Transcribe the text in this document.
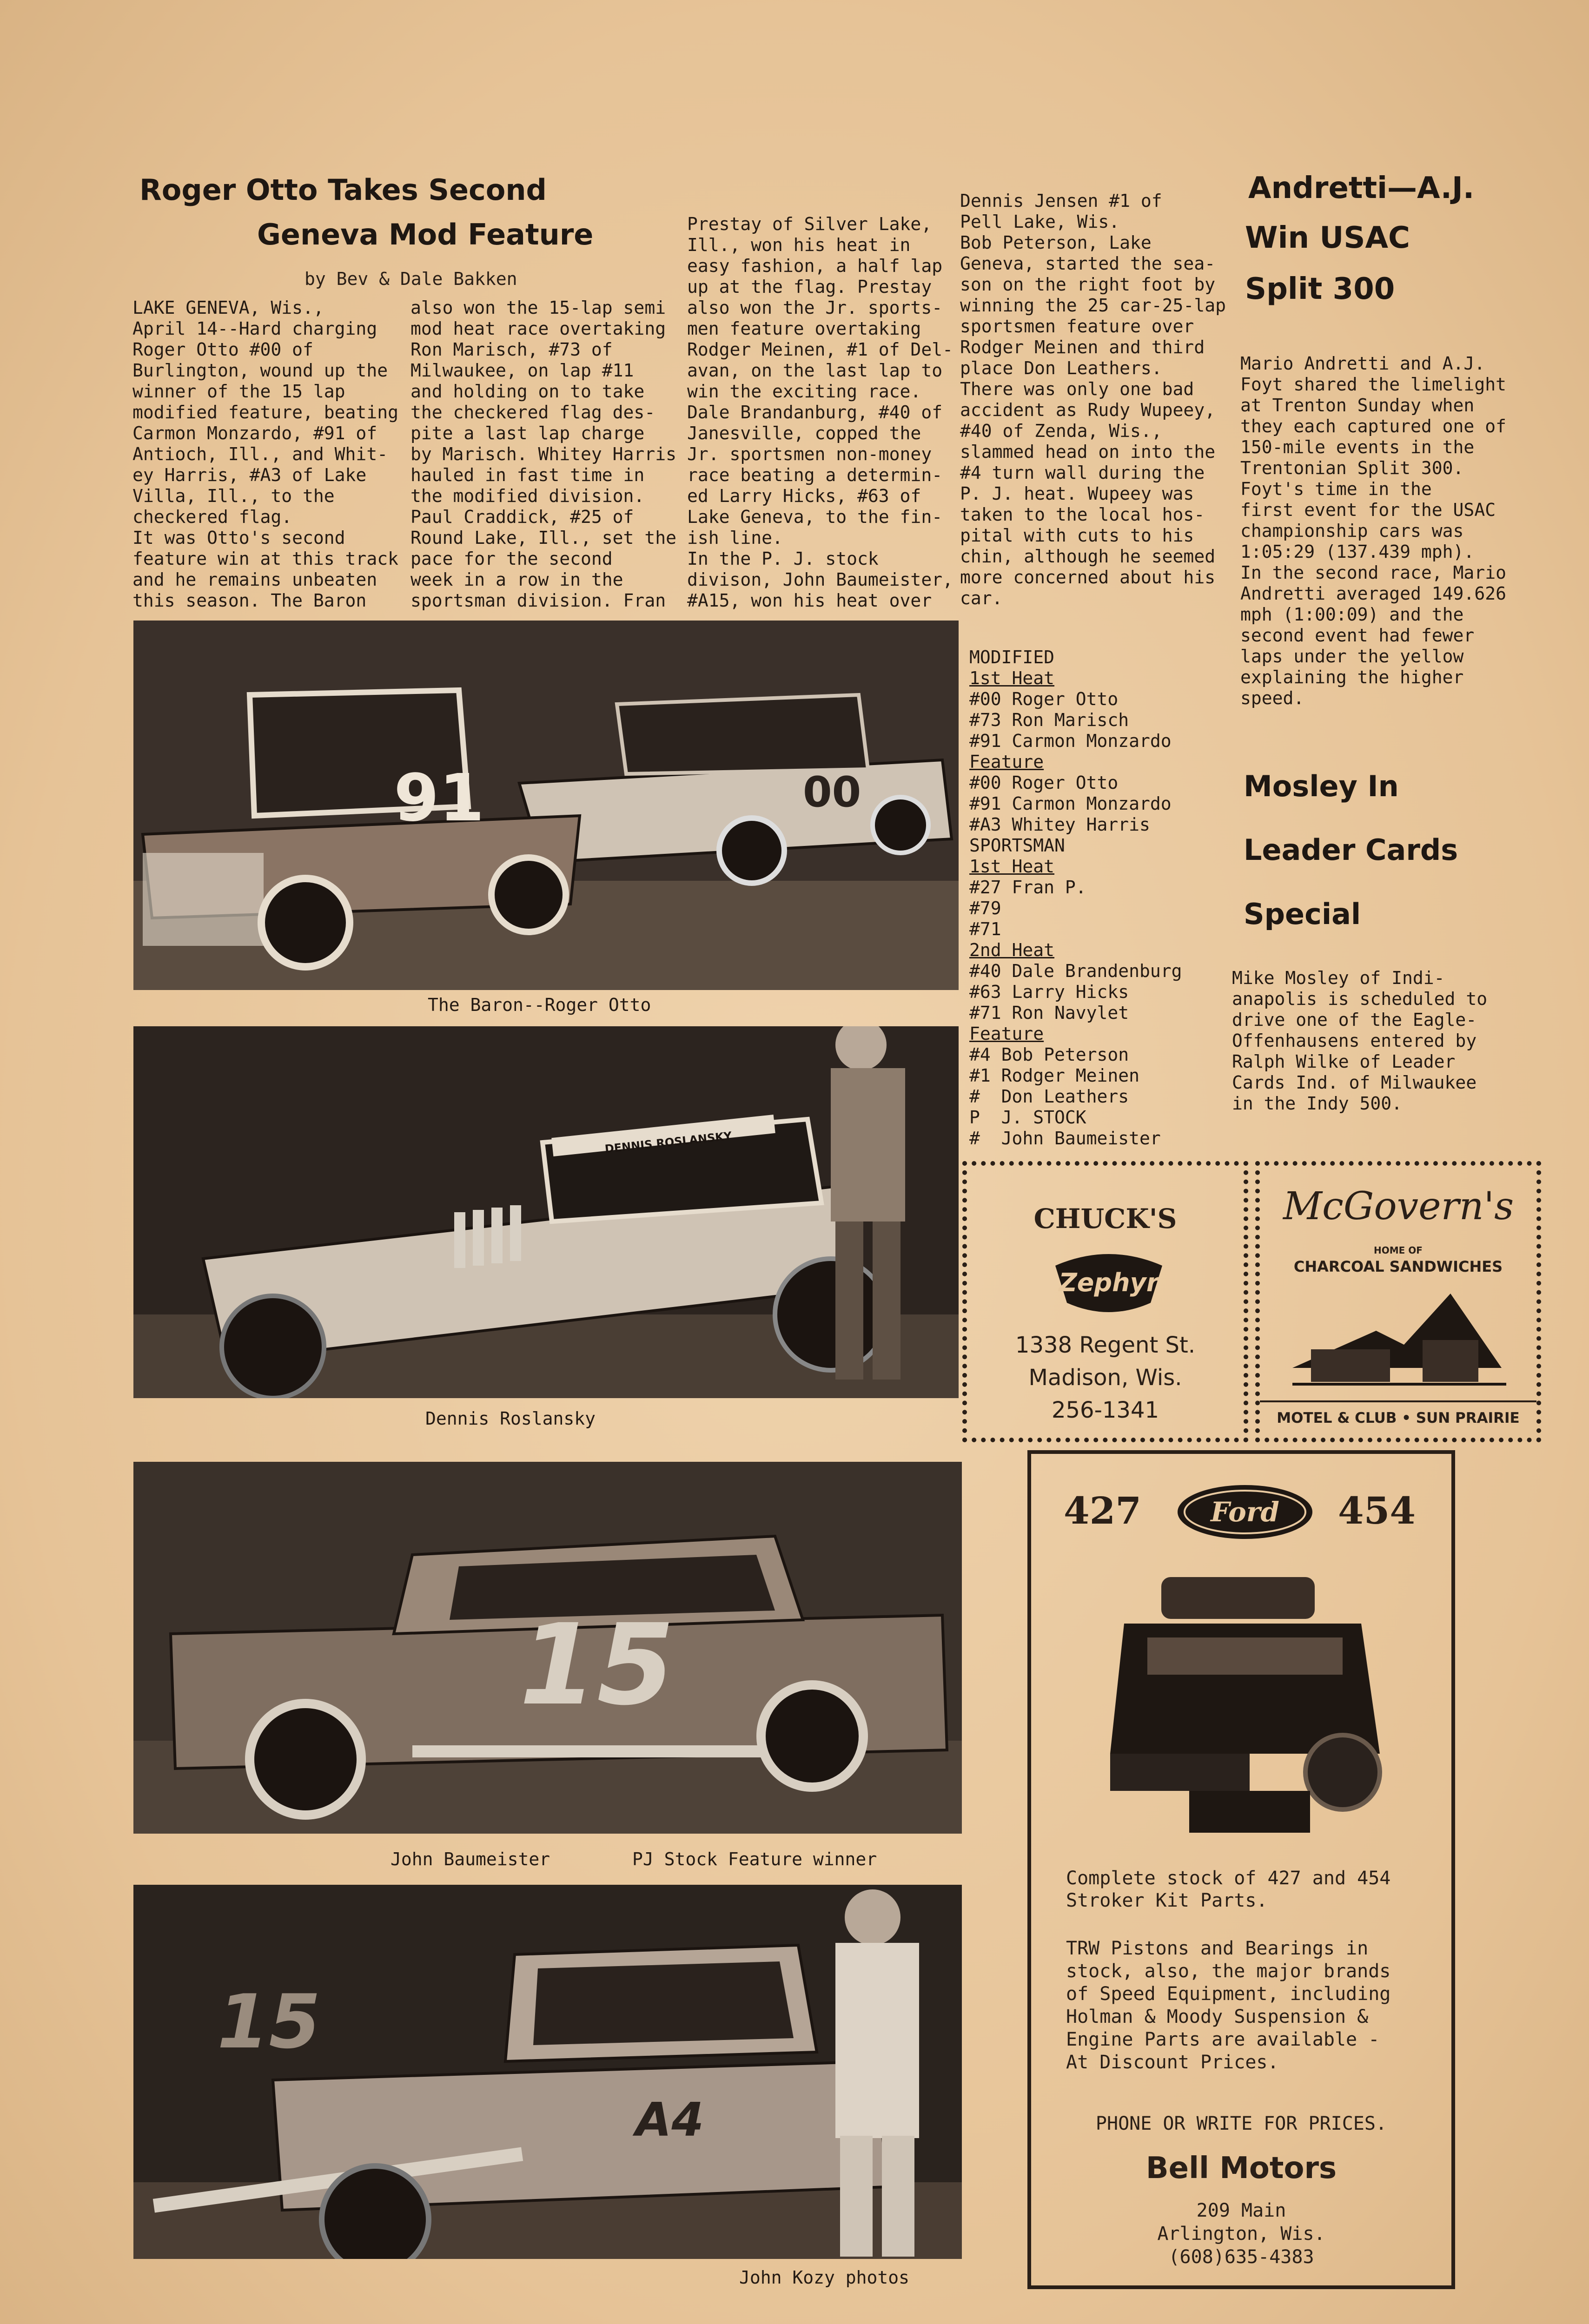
Roger Otto Takes Second
Geneva Mod Feature
by Bev & Dale Bakken
LAKE GENEVA, Wis.,
April 14--Hard charging
Roger Otto #00 of
Burlington, wound up the
winner of the 15 lap
modified feature, beating
Carmon Monzardo, #91 of
Antioch, Ill., and Whit-
ey Harris, #A3 of Lake
Villa, Ill., to the
checkered flag.
It was Otto's second
feature win at this track
and he remains unbeaten
this season. The Baron
also won the 15-lap semi
mod heat race overtaking
Ron Marisch, #73 of
Milwaukee, on lap #11
and holding on to take
the checkered flag des-
pite a last lap charge
by Marisch. Whitey Harris
hauled in fast time in
the modified division.
Paul Craddick, #25 of
Round Lake, Ill., set the
pace for the second
week in a row in the
sportsman division. Fran
Prestay of Silver Lake,
Ill., won his heat in
easy fashion, a half lap
up at the flag. Prestay
also won the Jr. sports-
men feature overtaking
Rodger Meinen, #1 of Del-
avan, on the last lap to
win the exciting race.
Dale Brandanburg, #40 of
Janesville, copped the
Jr. sportsmen non-money
race beating a determin-
ed Larry Hicks, #63 of
Lake Geneva, to the fin-
ish line.
In the P. J. stock
divison, John Baumeister,
#A15, won his heat over
Dennis Jensen #1 of
Pell Lake, Wis.
Bob Peterson, Lake
Geneva, started the sea-
son on the right foot by
winning the 25 car-25-lap
sportsmen feature over
Rodger Meinen and third
place Don Leathers.
There was only one bad
accident as Rudy Wupeey,
#40 of Zenda, Wis.,
slammed head on into the
#4 turn wall during the
P. J. heat. Wupeey was
taken to the local hos-
pital with cuts to his
chin, although he seemed
more concerned about his
car.
Andretti—A.J.
Win USAC
Split 300
Mario Andretti and A.J.
Foyt shared the limelight
at Trenton Sunday when
they each captured one of
150-mile events in the
Trentonian Split 300.
Foyt's time in the
first event for the USAC
championship cars was
1:05:29 (137.439 mph).
In the second race, Mario
Andretti averaged 149.626
mph (1:00:09) and the
second event had fewer
laps under the yellow
explaining the higher
speed.
Mosley In
Leader Cards
Special
Mike Mosley of Indi-
anapolis is scheduled to
drive one of the Eagle-
Offenhausens entered by
Ralph Wilke of Leader
Cards Ind. of Milwaukee
in the Indy 500.
MODIFIED
1st Heat
#00 Roger Otto
#73 Ron Marisch
#91 Carmon Monzardo
Feature
#00 Roger Otto
#91 Carmon Monzardo
#A3 Whitey Harris
SPORTSMAN
1st Heat
#27 Fran P.
#79
#71
2nd Heat
#40 Dale Brandenburg
#63 Larry Hicks
#71 Ron Navylet
Feature
#4 Bob Peterson
#1 Rodger Meinen
#  Don Leathers
P  J. STOCK
#  John Baumeister
00
91
The Baron--Roger Otto
DENNIS ROSLANSKY
Dennis Roslansky
15
John Baumeister	PJ Stock Feature winner
15
A4
John Kozy photos
CHUCK'S
Zephyr
1338 Regent St.
Madison, Wis.
256-1341
McGovern's
HOME OF
CHARCOAL SANDWICHES
MOTEL & CLUB • SUN PRAIRIE
427	Ford 454
Complete stock of 427 and 454
Stroker Kit Parts.
TRW Pistons and Bearings in
stock, also, the major brands
of Speed Equipment, including
Holman & Moody Suspension &
Engine Parts are available -
At Discount Prices.
PHONE OR WRITE FOR PRICES.
Bell Motors
209 Main
Arlington, Wis.
(608)635-4383
